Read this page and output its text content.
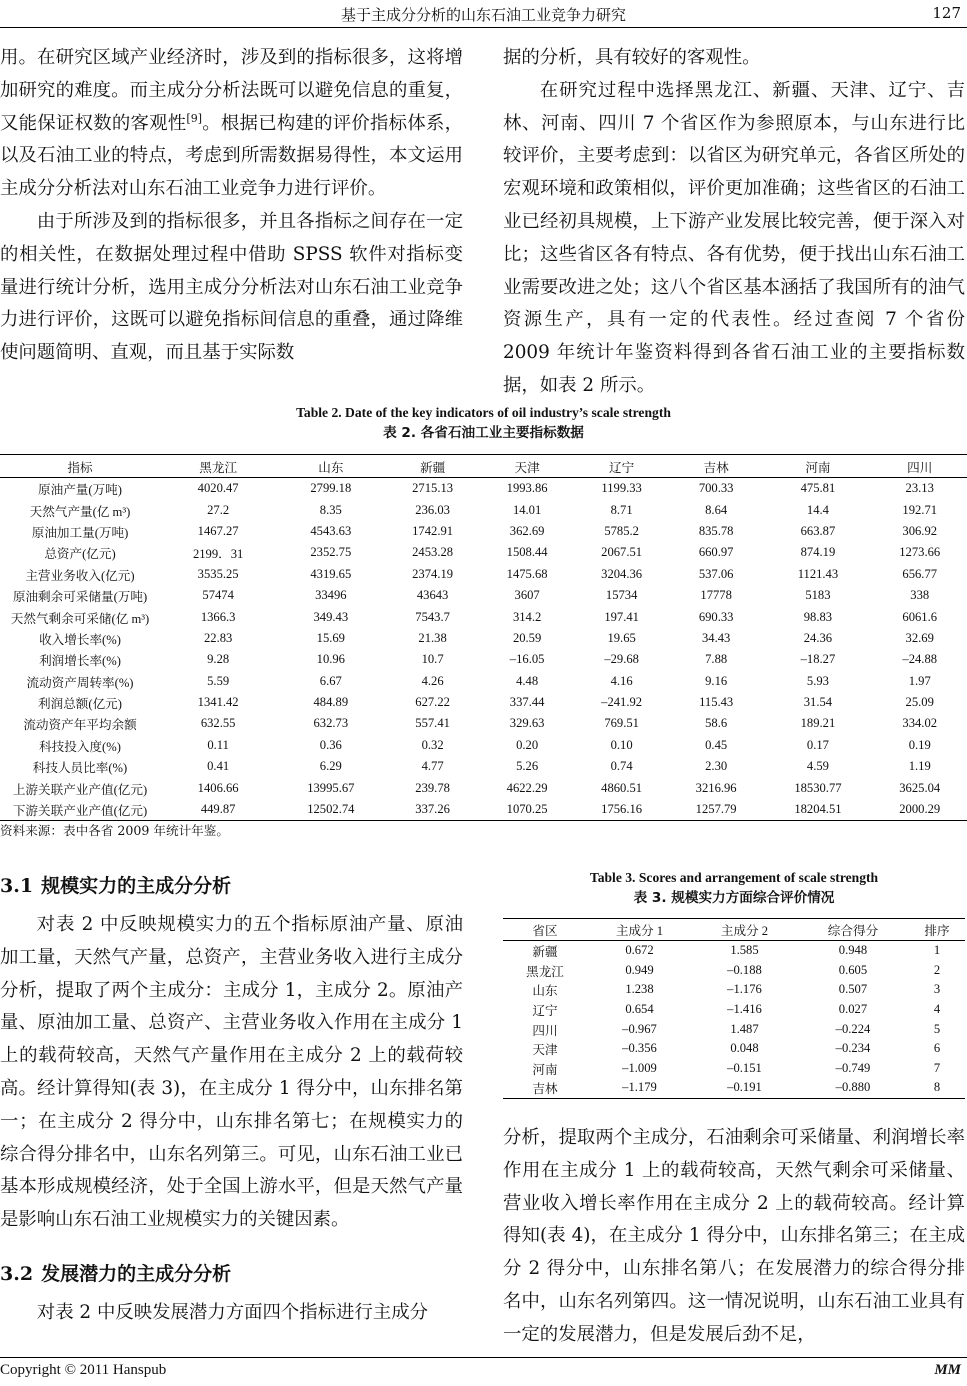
基于主成分分析的山东石油工业竞争力研究	127

用。在研究区域产业经济时，涉及到的指标很多，这将增加研究的难度。而主成分分析法既可以避免信息的重复，又能保证权数的客观性[9]。根据已构建的评价指标体系，以及石油工业的特点，考虑到所需数据易得性，本文运用主成分分析法对山东石油工业竞争力进行评价。

由于所涉及到的指标很多，并且各指标之间存在一定的相关性，在数据处理过程中借助 SPSS 软件对指标变量进行统计分析，选用主成分分析法对山东石油工业竞争力进行评价，这既可以避免指标间信息的重叠，通过降维使问题简明、直观，而且基于实际数

据的分析，具有较好的客观性。

在研究过程中选择黑龙江、新疆、天津、辽宁、吉林、河南、四川 7 个省区作为参照原本，与山东进行比较评价，主要考虑到：以省区为研究单元，各省区所处的宏观环境和政策相似，评价更加准确；这些省区的石油工业已经初具规模，上下游产业发展比较完善，便于深入对比；这些省区各有特点、各有优势，便于找出山东石油工业需要改进之处；这八个省区基本涵括了我国所有的油气资源生产，具有一定的代表性。经过查阅 7 个省份 2009 年统计年鉴资料得到各省石油工业的主要指标数据，如表 2 所示。

Table 2. Date of the key indicators of oil industry’s scale strength
表 2. 各省石油工业主要指标数据
指标	黑龙江	山东	新疆	天津	辽宁	吉林	河南	四川
原油产量(万吨)	4020.47	2799.18	2715.13	1993.86	1199.33	700.33	475.81	23.13
天然气产量(亿 m³)	27.2	8.35	236.03	14.01	8.71	8.64	14.4	192.71
原油加工量(万吨)	1467.27	4543.63	1742.91	362.69	5785.2	835.78	663.87	306.92
总资产(亿元)	2199．31	2352.75	2453.28	1508.44	2067.51	660.97	874.19	1273.66
主营业务收入(亿元)	3535.25	4319.65	2374.19	1475.68	3204.36	537.06	1121.43	656.77
原油剩余可采储量(万吨)	57474	33496	43643	3607	15734	17778	5183	338
天然气剩余可采储(亿 m³)	1366.3	349.43	7543.7	314.2	197.41	690.33	98.83	6061.6
收入增长率(%)	22.83	15.69	21.38	20.59	19.65	34.43	24.36	32.69
利润增长率(%)	9.28	10.96	10.7	–16.05	–29.68	7.88	–18.27	–24.88
流动资产周转率(%)	5.59	6.67	4.26	4.48	4.16	9.16	5.93	1.97
利润总额(亿元)	1341.42	484.89	627.22	337.44	–241.92	115.43	31.54	25.09
流动资产年平均余额	632.55	632.73	557.41	329.63	769.51	58.6	189.21	334.02
科技投入度(%)	0.11	0.36	0.32	0.20	0.10	0.45	0.17	0.19
科技人员比率(%)	0.41	6.29	4.77	5.26	0.74	2.30	4.59	1.19
上游关联产业产值(亿元)	1406.66	13995.67	239.78	4622.29	4860.51	3216.96	18530.77	3625.04
下游关联产业产值(亿元)	449.87	12502.74	337.26	1070.25	1756.16	1257.79	18204.51	2000.29
资料来源：表中各省 2009 年统计年鉴。
3.1 规模实力的主成分分析

对表 2 中反映规模实力的五个指标原油产量、原油加工量，天然气产量，总资产，主营业务收入进行主成分分析，提取了两个主成分：主成分 1，主成分 2。原油产量、原油加工量、总资产、主营业务收入作用在主成分 1 上的载荷较高，天然气产量作用在主成分 2 上的载荷较高。经计算得知(表 3)，在主成分 1 得分中，山东排名第一；在主成分 2 得分中，山东排名第七；在规模实力的综合得分排名中，山东名列第三。可见，山东石油工业已基本形成规模经济，处于全国上游水平，但是天然气产量是影响山东石油工业规模实力的关键因素。

3.2 发展潜力的主成分分析

对表 2 中反映发展潜力方面四个指标进行主成分

Table 3. Scores and arrangement of scale strength
表 3. 规模实力方面综合评价情况
省区	主成分 1	主成分 2	综合得分	排序
新疆	0.672	1.585	0.948	1
黑龙江	0.949	–0.188	0.605	2
山东	1.238	–1.176	0.507	3
辽宁	0.654	–1.416	0.027	4
四川	–0.967	1.487	–0.224	5
天津	–0.356	0.048	–0.234	6
河南	–1.009	–0.151	–0.749	7
吉林	–1.179	–0.191	–0.880	8

分析，提取两个主成分，石油剩余可采储量、利润增长率作用在主成分 1 上的载荷较高，天然气剩余可采储量、营业收入增长率作用在主成分 2 上的载荷较高。经计算得知(表 4)，在主成分 1 得分中，山东排名第三；在主成分 2 得分中，山东排名第八；在发展潜力的综合得分排名中，山东名列第四。这一情况说明，山东石油工业具有一定的发展潜力，但是发展后劲不足，

Copyright © 2011 Hanspub	MM
